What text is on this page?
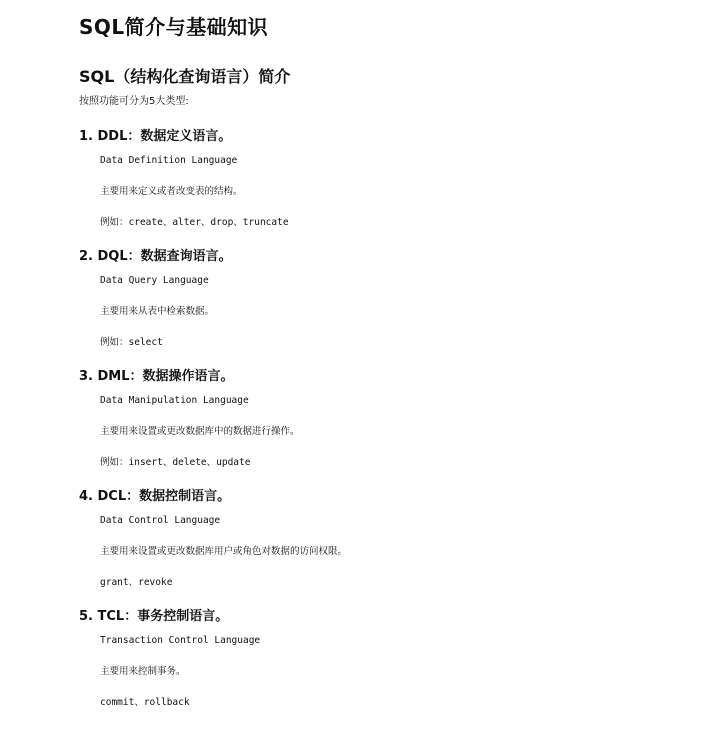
SQL简介与基础知识
SQL（结构化查询语言）简介

按照功能可分为5大类型:

1. DDL：数据定义语言。

Data Definition Language

主要用来定义或者改变表的结构。

例如：create、alter、drop、truncate

2. DQL：数据查询语言。

Data Query Language

主要用来从表中检索数据。

例如：select

3. DML：数据操作语言。

Data Manipulation Language

主要用来设置或更改数据库中的数据进行操作。

例如：insert、delete、update

4. DCL：数据控制语言。

Data Control Language

主要用来设置或更改数据库用户或角色对数据的访问权限。

grant、revoke

5. TCL：事务控制语言。

Transaction Control Language

主要用来控制事务。

commit、rollback
